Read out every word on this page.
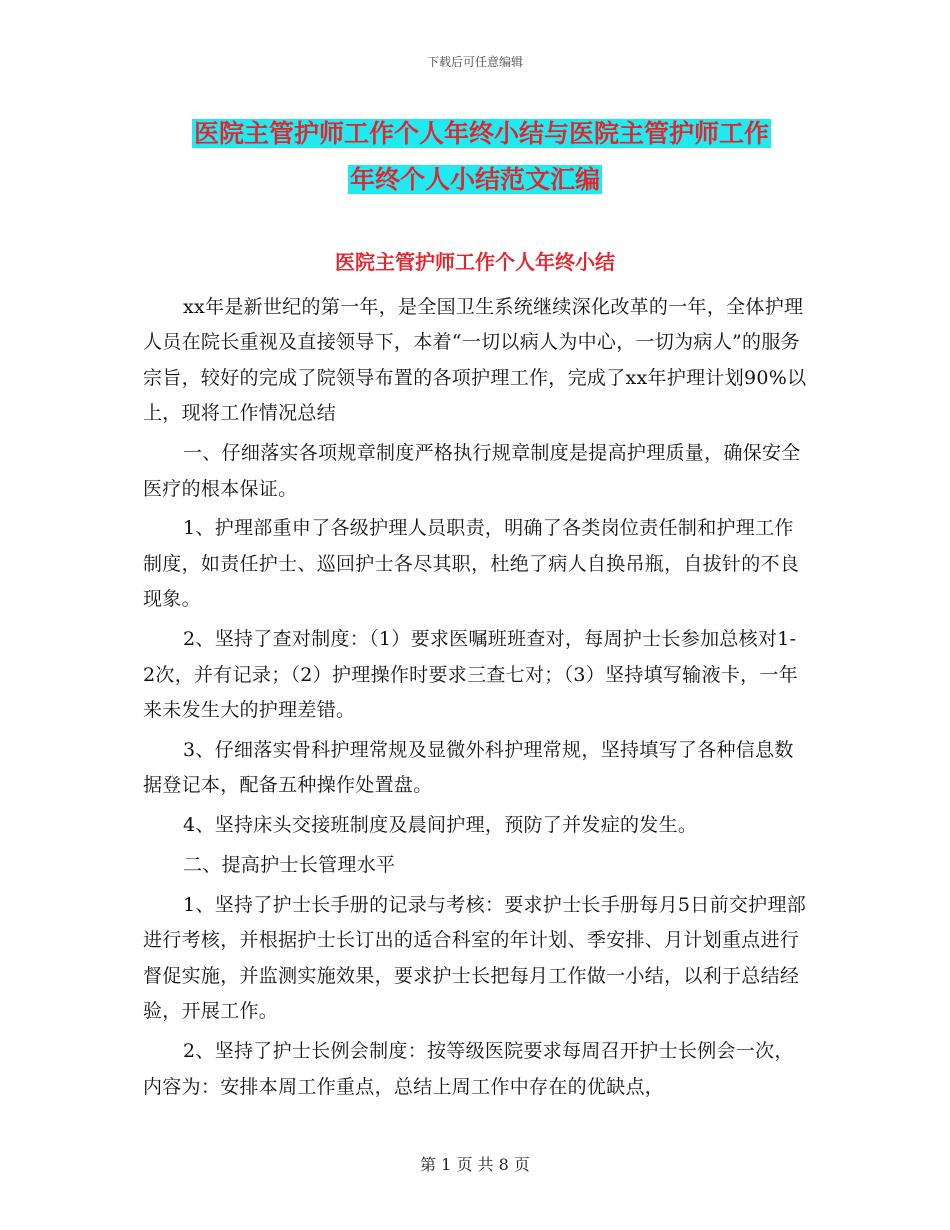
下载后可任意编辑
医院主管护师工作个人年终小结与医院主管护师工作
年终个人小结范文汇编
医院主管护师工作个人年终小结

xx年是新世纪的第一年，是全国卫生系统继续深化改革的一年，全体护理人员在院长重视及直接领导下，本着“一切以病人为中心，一切为病人”的服务宗旨，较好的完成了院领导布置的各项护理工作，完成了xx年护理计划90%以上，现将工作情况总结

一、仔细落实各项规章制度严格执行规章制度是提高护理质量，确保安全医疗的根本保证。

1、护理部重申了各级护理人员职责，明确了各类岗位责任制和护理工作制度，如责任护士、巡回护士各尽其职，杜绝了病人自换吊瓶，自拔针的不良现象。

2、坚持了查对制度：（1）要求医嘱班班查对，每周护士长参加总核对1-2次，并有记录；（2）护理操作时要求三查七对；（3）坚持填写输液卡，一年来未发生大的护理差错。

3、仔细落实骨科护理常规及显微外科护理常规，坚持填写了各种信息数据登记本，配备五种操作处置盘。

4、坚持床头交接班制度及晨间护理，预防了并发症的发生。

二、提高护士长管理水平

1、坚持了护士长手册的记录与考核：要求护士长手册每月5日前交护理部进行考核，并根据护士长订出的适合科室的年计划、季安排、月计划重点进行督促实施，并监测实施效果，要求护士长把每月工作做一小结，以利于总结经验，开展工作。

2、坚持了护士长例会制度：按等级医院要求每周召开护士长例会一次，内容为：安排本周工作重点，总结上周工作中存在的优缺点，

第 1 页 共 8 页
